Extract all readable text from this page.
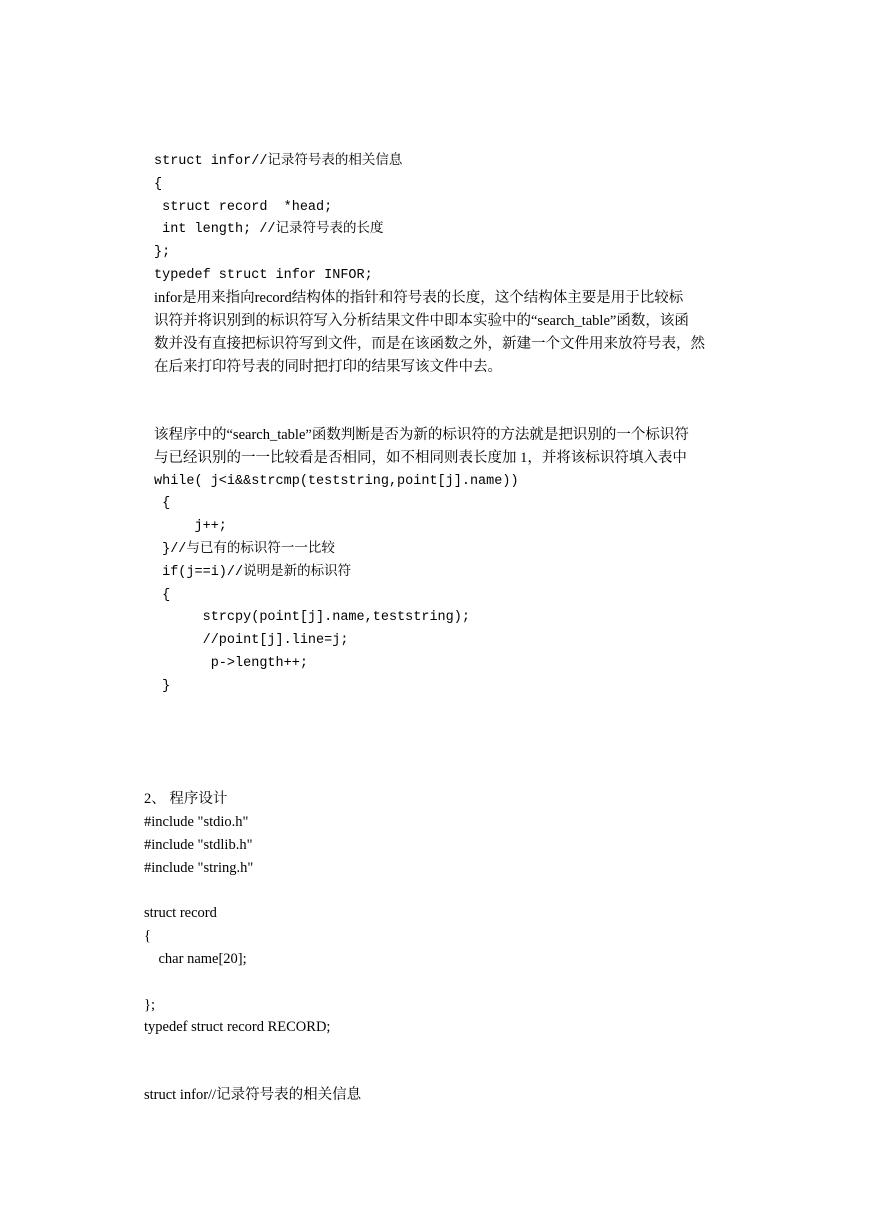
struct infor//记录符号表的相关信息
{
struct record  *head;
int length; //记录符号表的长度
};
typedef struct infor INFOR;
infor是用来指向record结构体的指针和符号表的长度，这个结构体主要是用于比较标
识符并将识别到的标识符写入分析结果文件中即本实验中的“search_table”函数，该函
数并没有直接把标识符写到文件，而是在该函数之外，新建一个文件用来放符号表，然
在后来打印符号表的同时把打印的结果写该文件中去。
该程序中的“search_table”函数判断是否为新的标识符的方法就是把识别的一个标识符
与已经识别的一一比较看是否相同，如不相同则表长度加 1，并将该标识符填入表中
while( j<i&&strcmp(teststring,point[j].name))
{
j++;
}//与已有的标识符一一比较
if(j==i)//说明是新的标识符
{
strcpy(point[j].name,teststring);
//point[j].line=j;
p->length++;
}
2、 程序设计
#include "stdio.h"
#include "stdlib.h"
#include "string.h"
struct record
{
char name[20];
};
typedef struct record RECORD;
struct infor//记录符号表的相关信息
